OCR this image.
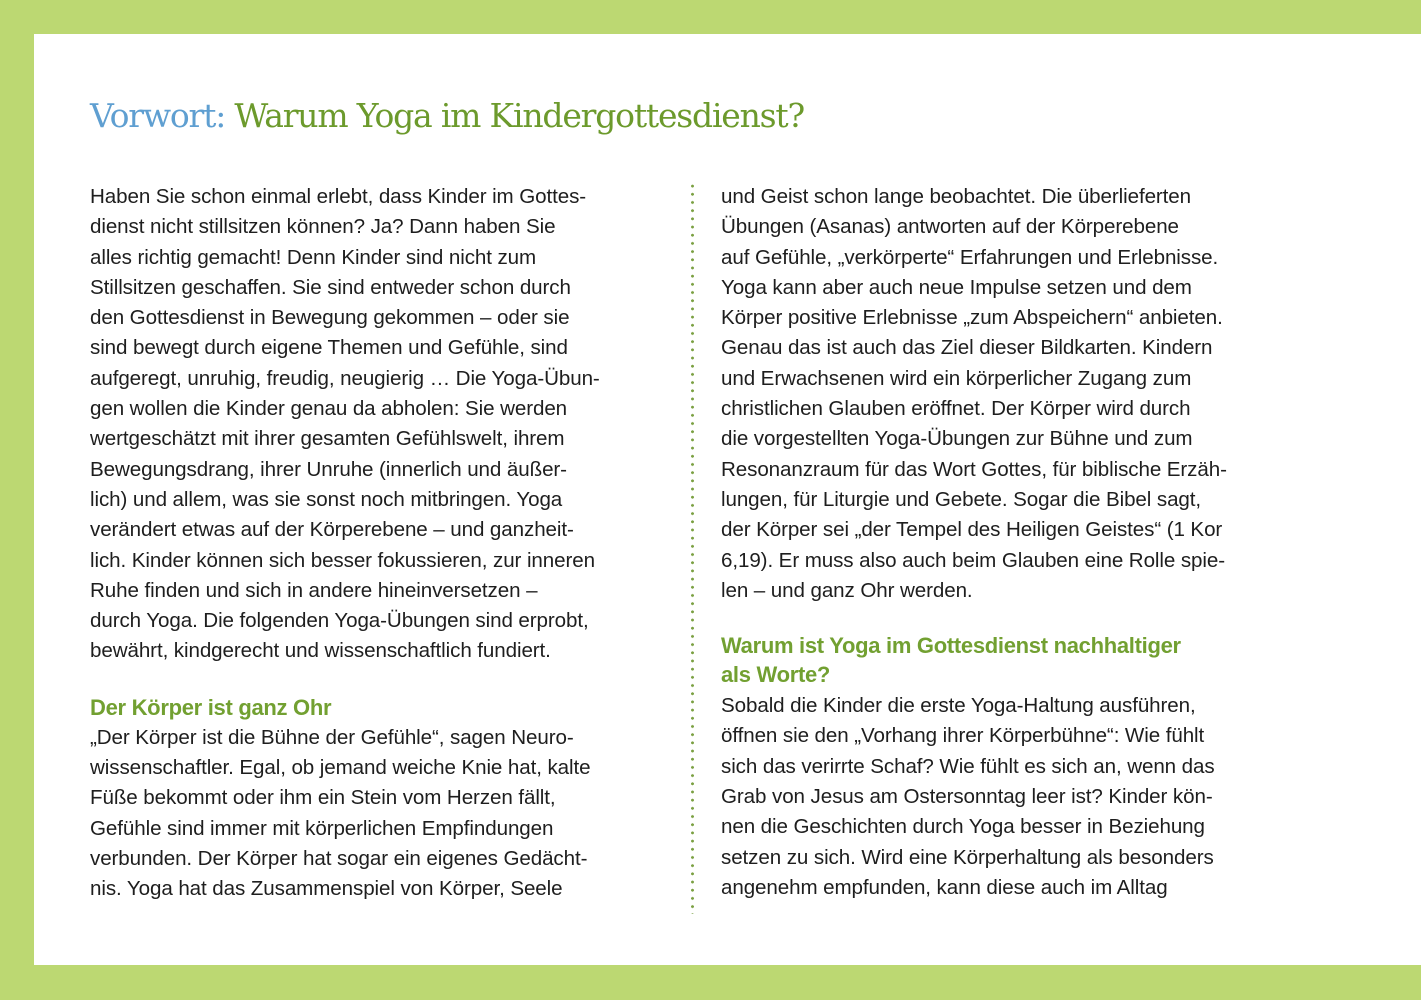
Vorwort: Warum Yoga im Kindergottesdienst?

Haben Sie schon einmal erlebt, dass Kinder im Gottes-
dienst nicht stillsitzen können? Ja? Dann haben Sie
alles richtig gemacht! Denn Kinder sind nicht zum
Stillsitzen geschaffen. Sie sind entweder schon durch
den Gottesdienst in Bewegung gekommen – oder sie
sind bewegt durch eigene Themen und Gefühle, sind
aufgeregt, unruhig, freudig, neugierig … Die Yoga-Übun-
gen wollen die Kinder genau da abholen: Sie werden
wertgeschätzt mit ihrer gesamten Gefühlswelt, ihrem
Bewegungsdrang, ihrer Unruhe (innerlich und äußer-
lich) und allem, was sie sonst noch mitbringen. Yoga
verändert etwas auf der Körperebene – und ganzheit-
lich. Kinder können sich besser fokussieren, zur inneren
Ruhe finden und sich in andere hineinversetzen –
durch Yoga. Die folgenden Yoga-Übungen sind erprobt,
bewährt, kindgerecht und wissenschaftlich fundiert.

Der Körper ist ganz Ohr

„Der Körper ist die Bühne der Gefühle“, sagen Neuro-
wissenschaftler. Egal, ob jemand weiche Knie hat, kalte
Füße bekommt oder ihm ein Stein vom Herzen fällt,
Gefühle sind immer mit körperlichen Empfindungen
verbunden. Der Körper hat sogar ein eigenes Gedächt-
nis. Yoga hat das Zusammenspiel von Körper, Seele

und Geist schon lange beobachtet. Die überlieferten
Übungen (Asanas) antworten auf der Körperebene
auf Gefühle, „verkörperte“ Erfahrungen und Erlebnisse.
Yoga kann aber auch neue Impulse setzen und dem
Körper positive Erlebnisse „zum Abspeichern“ anbieten.
Genau das ist auch das Ziel dieser Bildkarten. Kindern
und Erwachsenen wird ein körperlicher Zugang zum
christlichen Glauben eröffnet. Der Körper wird durch
die vorgestellten Yoga-Übungen zur Bühne und zum
Resonanzraum für das Wort Gottes, für biblische Erzäh-
lungen, für Liturgie und Gebete. Sogar die Bibel sagt,
der Körper sei „der Tempel des Heiligen Geistes“ (1 Kor
6,19). Er muss also auch beim Glauben eine Rolle spie-
len – und ganz Ohr werden.

Warum ist Yoga im Gottesdienst nachhaltiger
als Worte?

Sobald die Kinder die erste Yoga-Haltung ausführen,
öffnen sie den „Vorhang ihrer Körperbühne“: Wie fühlt
sich das verirrte Schaf? Wie fühlt es sich an, wenn das
Grab von Jesus am Ostersonntag leer ist? Kinder kön-
nen die Geschichten durch Yoga besser in Beziehung
setzen zu sich. Wird eine Körperhaltung als besonders
angenehm empfunden, kann diese auch im Alltag
